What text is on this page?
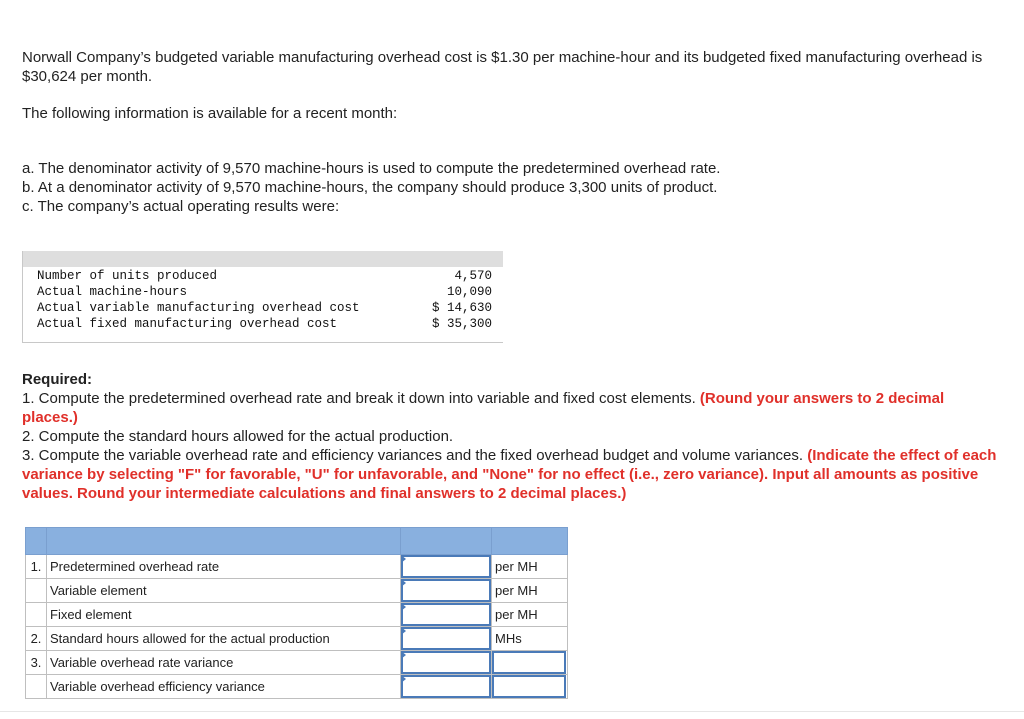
Norwall Company’s budgeted variable manufacturing overhead cost is $1.30 per machine-hour and its budgeted fixed manufacturing overhead is $30,624 per month.

The following information is available for a recent month:

a. The denominator activity of 9,570 machine-hours is used to compute the predetermined overhead rate.

b. At a denominator activity of 9,570 machine-hours, the company should produce 3,300 units of product.

c. The company’s actual operating results were:

Number of units produced	4,570
Actual machine-hours	10,090
Actual variable manufacturing overhead cost	$ 14,630
Actual fixed manufacturing overhead cost	$ 35,300

Required:

1. Compute the predetermined overhead rate and break it down into variable and fixed cost elements. (Round your answers to 2 decimal places.)

2. Compute the standard hours allowed for the actual production.

3. Compute the variable overhead rate and efficiency variances and the fixed overhead budget and volume variances. (Indicate the effect of each variance by selecting "F" for favorable, "U" for unfavorable, and "None" for no effect (i.e., zero variance). Input all amounts as positive values. Round your intermediate calculations and final answers to 2 decimal places.)

1.	Predetermined overhead rate		per MH
	Variable element		per MH
	Fixed element		per MH
2.	Standard hours allowed for the actual production		MHs
3.	Variable overhead rate variance	

	Variable overhead efficiency variance	
